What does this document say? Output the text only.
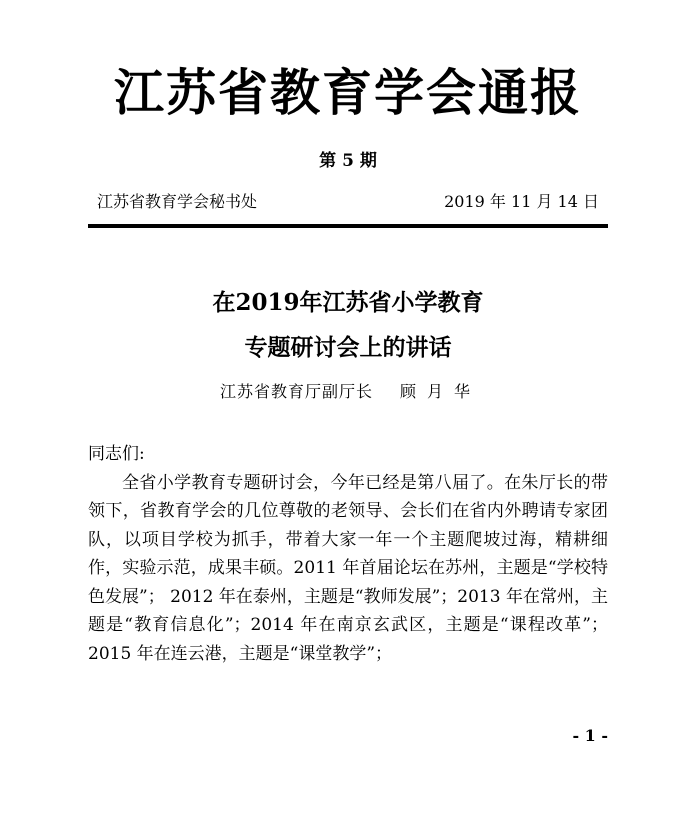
江苏省教育学会通报
第 5 期
江苏省教育学会秘书处	2019 年 11 月 14 日
在2019年江苏省小学教育
专题研讨会上的讲话
江苏省教育厅副厅长 顾 月 华

同志们:

全省小学教育专题研讨会，今年已经是第八届了。在朱厅长的带领下，省教育学会的几位尊敬的老领导、会长们在省内外聘请专家团队，以项目学校为抓手，带着大家一年一个主题爬坡过海，精耕细作，实验示范，成果丰硕。2011 年首届论坛在苏州，主题是“学校特色发展”； 2012 年在泰州，主题是“教师发展”；2013 年在常州，主题是“教育信息化”；2014 年在南京玄武区，主题是“课程改革”；2015 年在连云港，主题是“课堂教学”；

- 1 -
